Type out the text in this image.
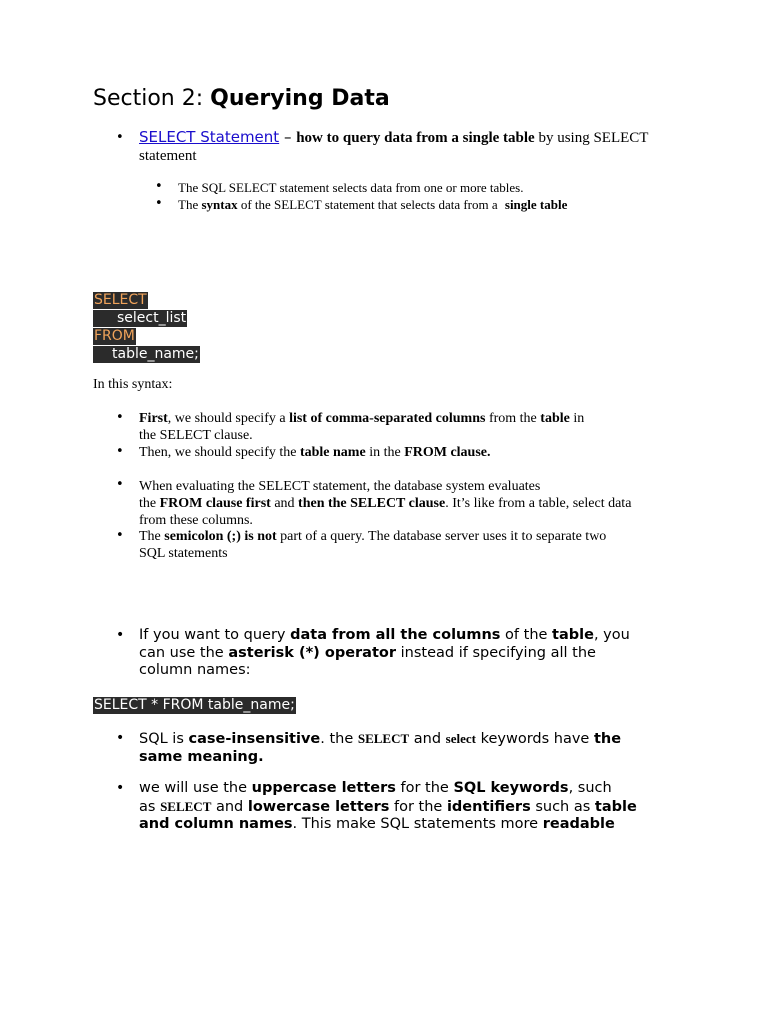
Section 2: Querying Data
• SELECT Statement – how to query data from a single table by using SELECT
statement
• The SQL SELECT statement selects data from one or more tables.
• The syntax of the SELECT statement that selects data from a single table
SELECT
select_list
FROM
table_name;
In this syntax:
• First, we should specify a list of comma-separated columns from the table in
the SELECT clause.
• Then, we should specify the table name in the FROM clause.
• When evaluating the SELECT statement, the database system evaluates
the FROM clause first and then the SELECT clause. It’s like from a table, select data
from these columns.
• The semicolon (;) is not part of a query. The database server uses it to separate two
SQL statements
• If you want to query data from all the columns of the table, you
can use the asterisk (*) operator instead if specifying all the
column names:
SELECT * FROM table_name;
• SQL is case-insensitive. the SELECT and select keywords have the
same meaning.
• we will use the uppercase letters for the SQL keywords, such
as SELECT and lowercase letters for the identifiers such as table
and column names. This make SQL statements more readable
